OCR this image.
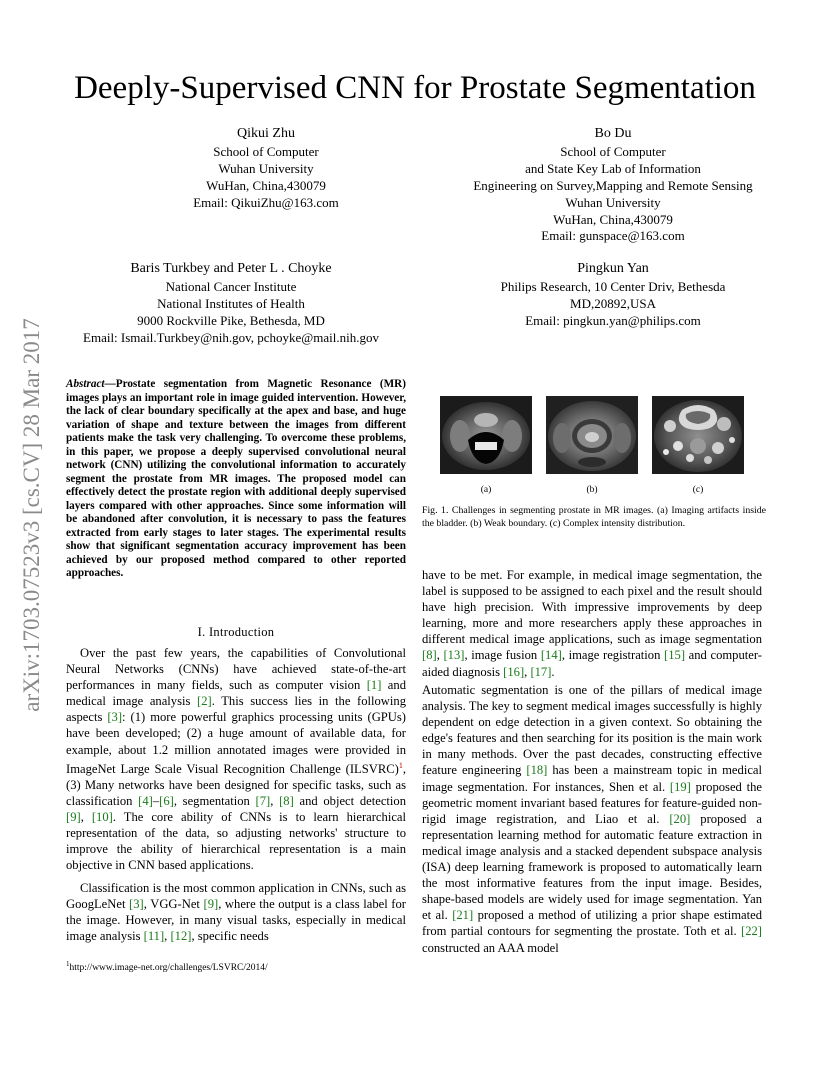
arXiv:1703.07523v3 [cs.CV] 28 Mar 2017
Deeply-Supervised CNN for Prostate Segmentation
Qikui Zhu
School of Computer
Wuhan University
WuHan, China,430079
Email: QikuiZhu@163.com
Bo Du
School of Computer
and State Key Lab of Information
Engineering on Survey,Mapping and Remote Sensing
Wuhan University
WuHan, China,430079
Email: gunspace@163.com
Baris Turkbey and Peter L . Choyke
National Cancer Institute
National Institutes of Health
9000 Rockville Pike, Bethesda, MD
Email: Ismail.Turkbey@nih.gov, pchoyke@mail.nih.gov
Pingkun Yan
Philips Research, 10 Center Driv, Bethesda
MD,20892,USA
Email: pingkun.yan@philips.com

Abstract—Prostate segmentation from Magnetic Resonance (MR) images plays an important role in image guided intervention. However, the lack of clear boundary specifically at the apex and base, and huge variation of shape and texture between the images from different patients make the task very challenging. To overcome these problems, in this paper, we propose a deeply supervised convolutional neural network (CNN) utilizing the convolutional information to accurately segment the prostate from MR images. The proposed model can effectively detect the prostate region with additional deeply supervised layers compared with other approaches. Since some information will be abandoned after convolution, it is necessary to pass the features extracted from early stages to later stages. The experimental results show that significant segmentation accuracy improvement has been achieved by our proposed method compared to other reported approaches.

I. Introduction

Over the past few years, the capabilities of Convolutional Neural Networks (CNNs) have achieved state-of-the-art performances in many fields, such as computer vision [1] and medical image analysis [2]. This success lies in the following aspects [3]: (1) more powerful graphics processing units (GPUs) have been developed; (2) a huge amount of available data, for example, about 1.2 million annotated images were provided in ImageNet Large Scale Visual Recognition Challenge (ILSVRC)$^1$, (3) Many networks have been designed for specific tasks, such as classification [4]–[6], segmentation [7], [8] and object detection [9], [10]. The core ability of CNNs is to learn hierarchical representation of the data, so adjusting networks' structure to improve the ability of hierarchical representation is a main objective in CNN based applications.

Classification is the most common application in CNNs, such as GoogLeNet [3], VGG-Net [9], where the output is a class label for the image. However, in many visual tasks, especially in medical image analysis [11], [12], specific needs

$^1$http://www.image-net.org/challenges/LSVRC/2014/
(a)	(b)	(c)

Fig. 1. Challenges in segmenting prostate in MR images. (a) Imaging artifacts inside the bladder. (b) Weak boundary. (c) Complex intensity distribution.

have to be met. For example, in medical image segmentation, the label is supposed to be assigned to each pixel and the result should have high precision. With impressive improvements by deep learning, more and more researchers apply these approaches in different medical image applications, such as image segmentation [8], [13], image fusion [14], image registration [15] and computer-aided diagnosis [16], [17].

Automatic segmentation is one of the pillars of medical image analysis. The key to segment medical images successfully is highly dependent on edge detection in a given context. So obtaining the edge's features and then searching for its position is the main work in many methods. Over the past decades, constructing effective feature engineering [18] has been a mainstream topic in medical image segmentation. For instances, Shen et al. [19] proposed the geometric moment invariant based features for feature-guided non-rigid image registration, and Liao et al. [20] proposed a representation learning method for automatic feature extraction in medical image analysis and a stacked dependent subspace analysis (ISA) deep learning framework is proposed to automatically learn the most informative features from the input image. Besides, shape-based models are widely used for image segmentation. Yan et al. [21] proposed a method of utilizing a prior shape estimated from partial contours for segmenting the prostate. Toth et al. [22] constructed an AAA model
